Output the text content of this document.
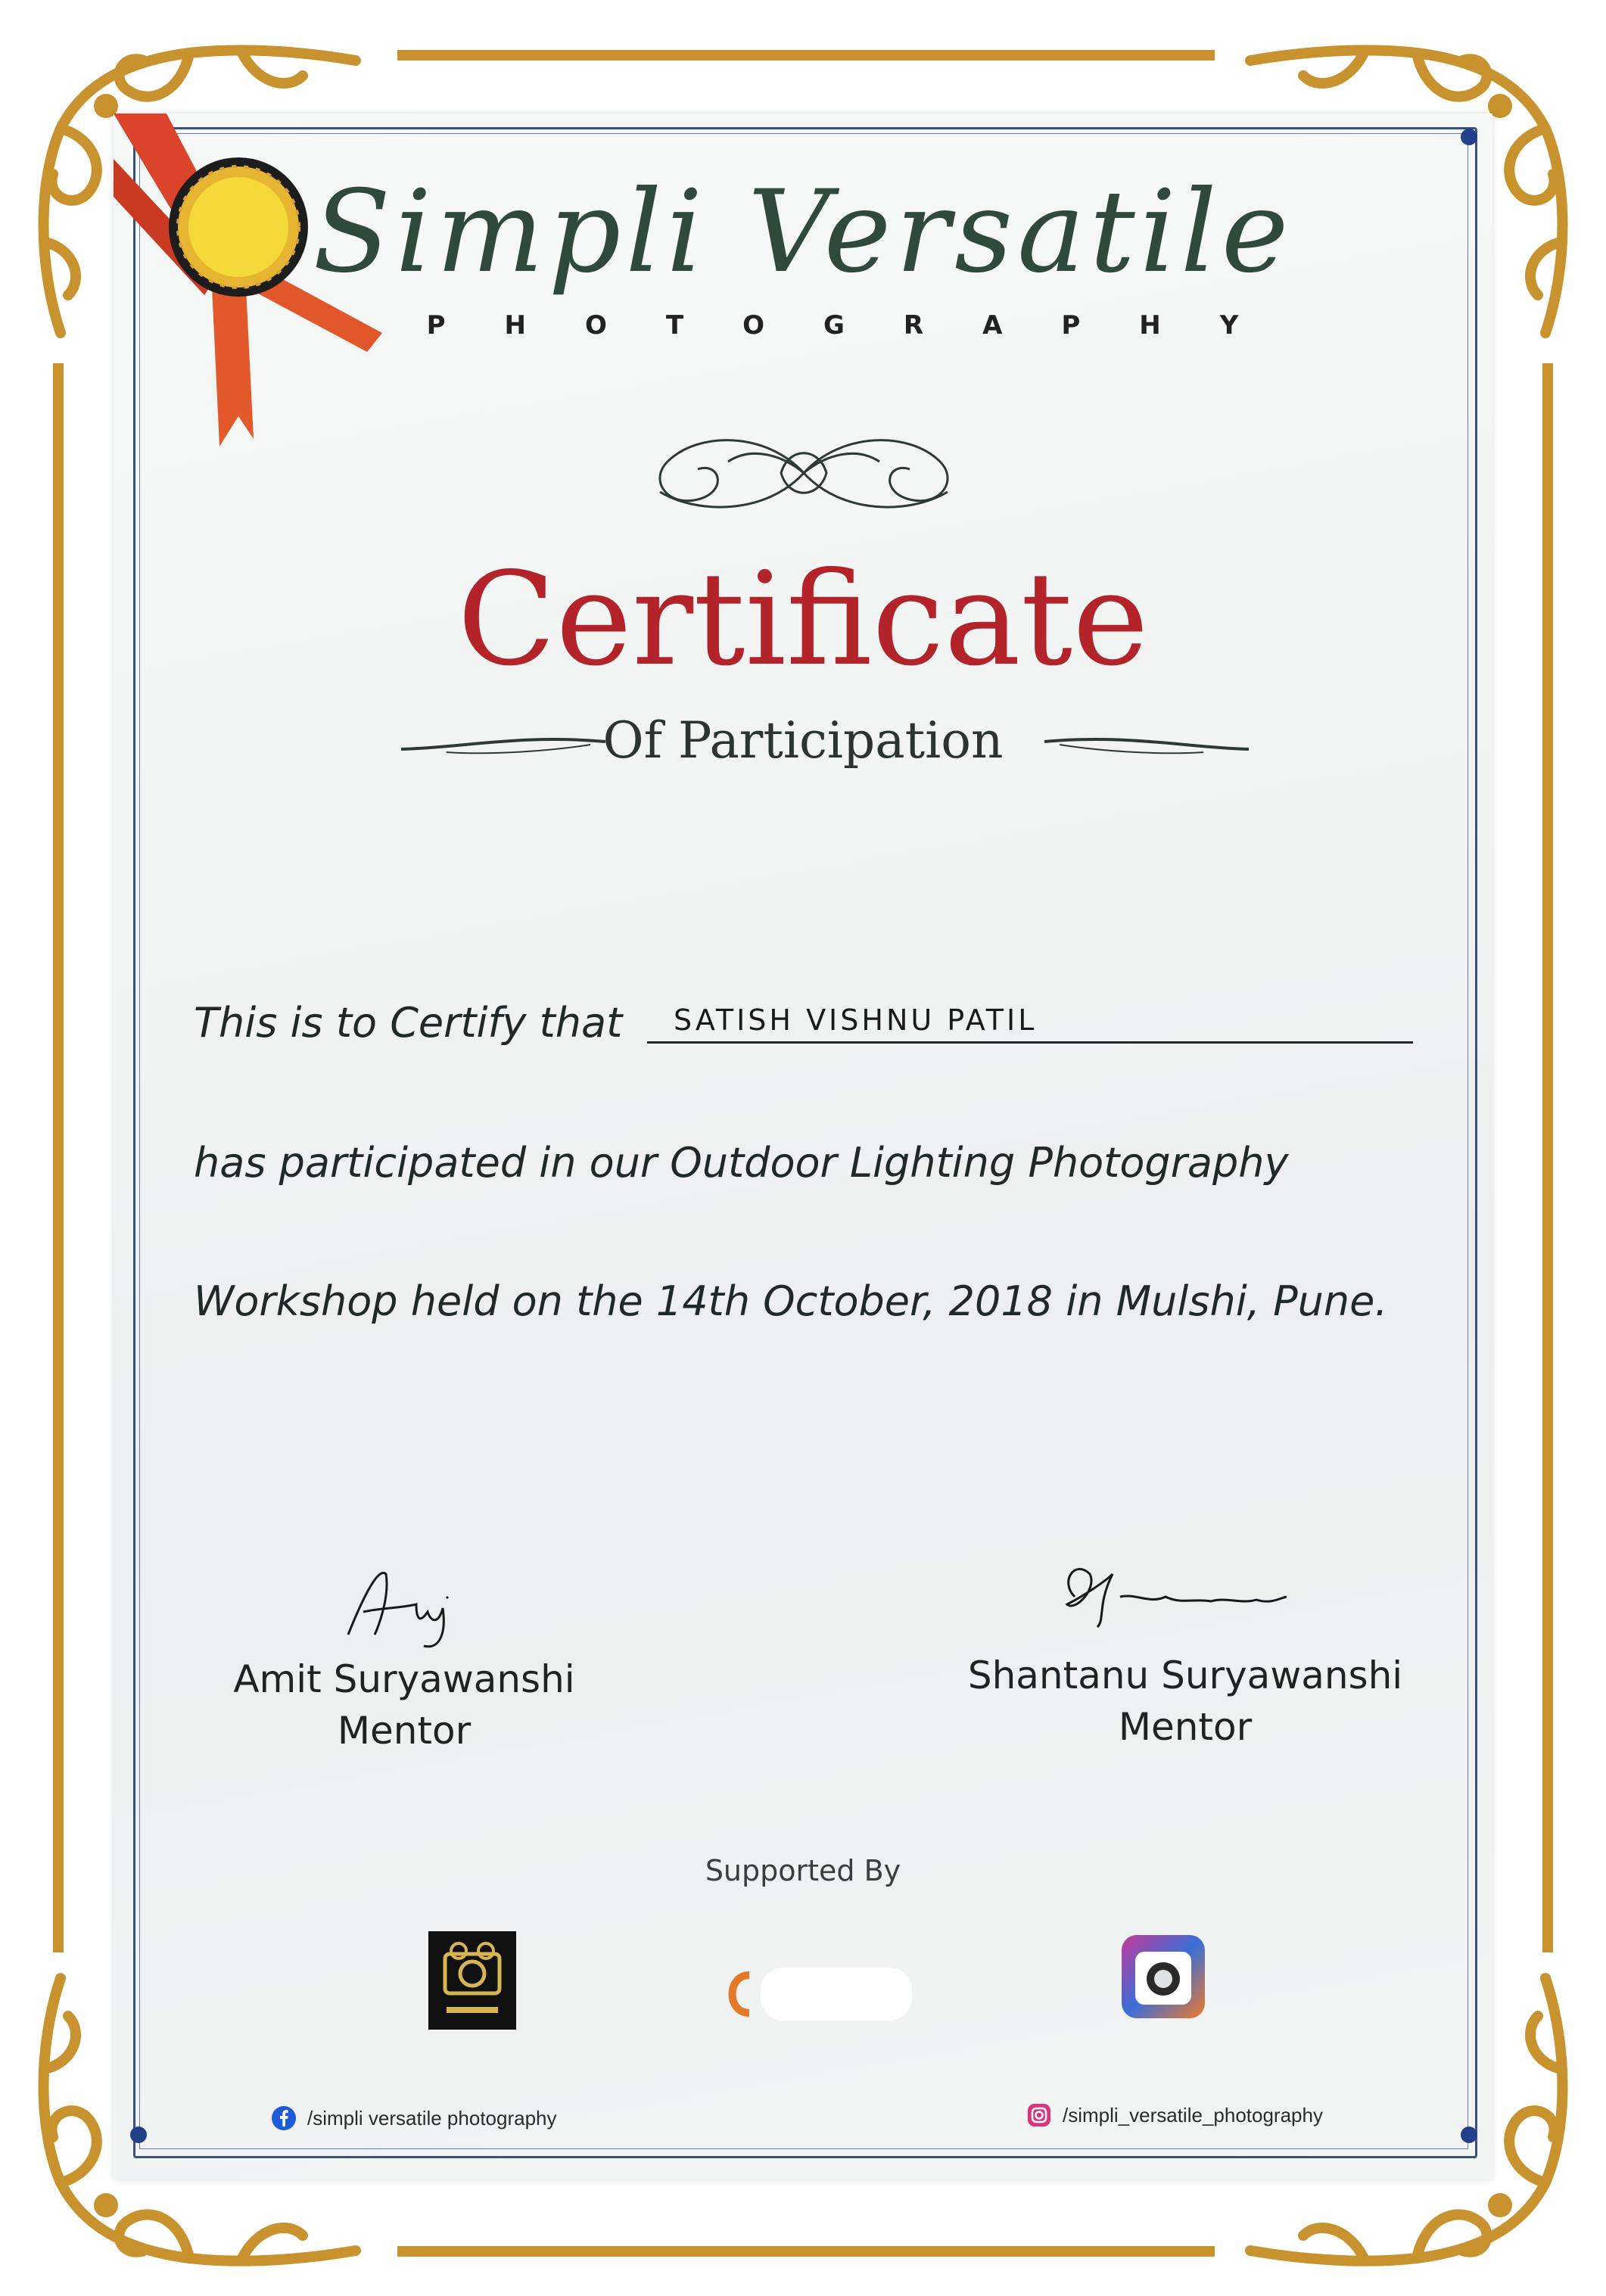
Simpli Versatile
PHOTOGRAPHY
Certificate
Of Participation
This is to Certify that SATISH VISHNU PATIL
has participated in our Outdoor Lighting Photography
Workshop held on the 14th October, 2018 in Mulshi, Pune.
Amit Suryawanshi
Mentor
Shantanu Suryawanshi
Mentor
Supported By
/simpli versatile photography	/simpli_versatile_photography
